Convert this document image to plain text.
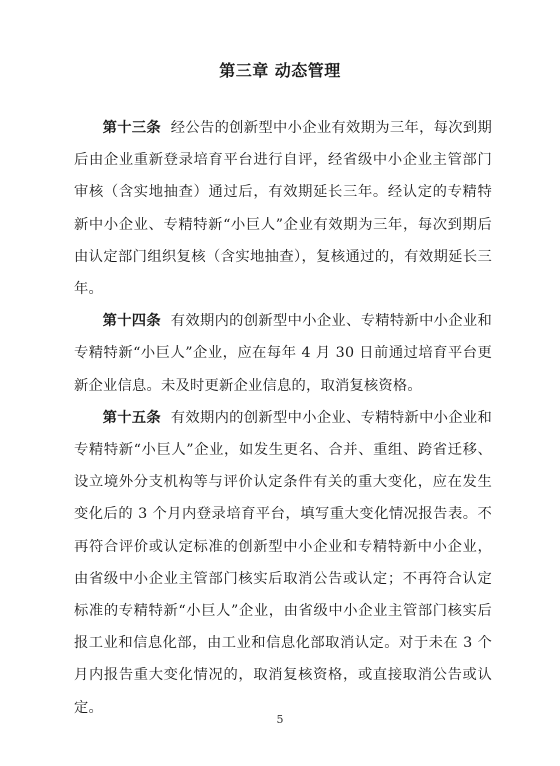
第三章 动态管理

第十三条 经公告的创新型中小企业有效期为三年，每次到期后由企业重新登录培育平台进行自评，经省级中小企业主管部门审核（含实地抽查）通过后，有效期延长三年。经认定的专精特新中小企业、专精特新“小巨人”企业有效期为三年，每次到期后由认定部门组织复核（含实地抽查），复核通过的，有效期延长三年。

第十四条 有效期内的创新型中小企业、专精特新中小企业和专精特新“小巨人”企业，应在每年 4 月 30 日前通过培育平台更新企业信息。未及时更新企业信息的，取消复核资格。

第十五条 有效期内的创新型中小企业、专精特新中小企业和专精特新“小巨人”企业，如发生更名、合并、重组、跨省迁移、设立境外分支机构等与评价认定条件有关的重大变化，应在发生变化后的 3 个月内登录培育平台，填写重大变化情况报告表。不再符合评价或认定标准的创新型中小企业和专精特新中小企业，由省级中小企业主管部门核实后取消公告或认定；不再符合认定标准的专精特新“小巨人”企业，由省级中小企业主管部门核实后报工业和信息化部，由工业和信息化部取消认定。对于未在 3 个月内报告重大变化情况的，取消复核资格，或直接取消公告或认定。

5
